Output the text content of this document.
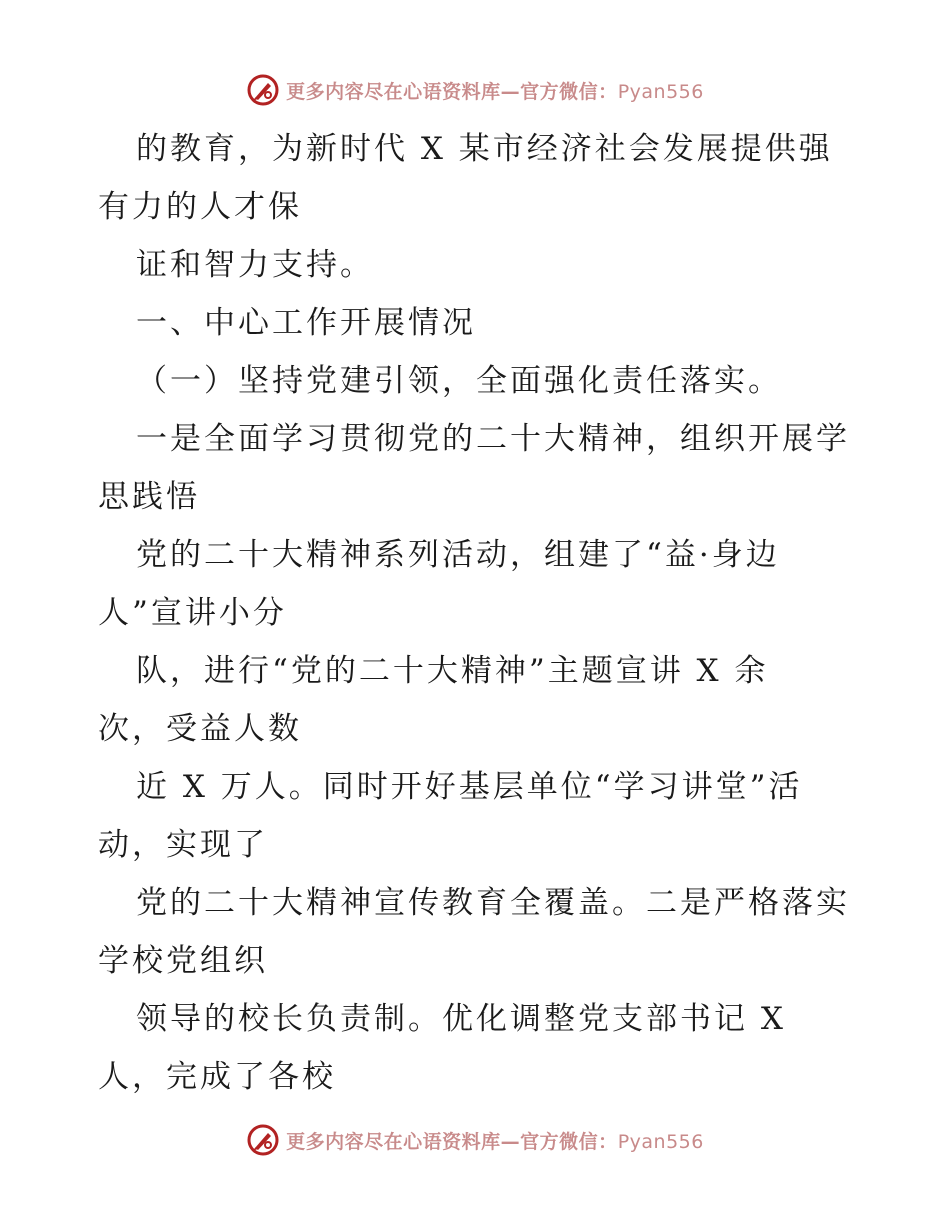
更多内容尽在心语资料库—官方微信：Pyan556
的教育，为新时代 X 某市经济社会发展提供强
有力的人才保
证和智力支持。
一、中心工作开展情况
（一）坚持党建引领，全面强化责任落实。
一是全面学习贯彻党的二十大精神，组织开展学
思践悟
党的二十大精神系列活动，组建了“益·身边
人”宣讲小分
队，进行“党的二十大精神”主题宣讲 X 余
次，受益人数
近 X 万人。同时开好基层单位“学习讲堂”活
动，实现了
党的二十大精神宣传教育全覆盖。二是严格落实
学校党组织
领导的校长负责制。优化调整党支部书记 X
人，完成了各校
更多内容尽在心语资料库—官方微信：Pyan556
